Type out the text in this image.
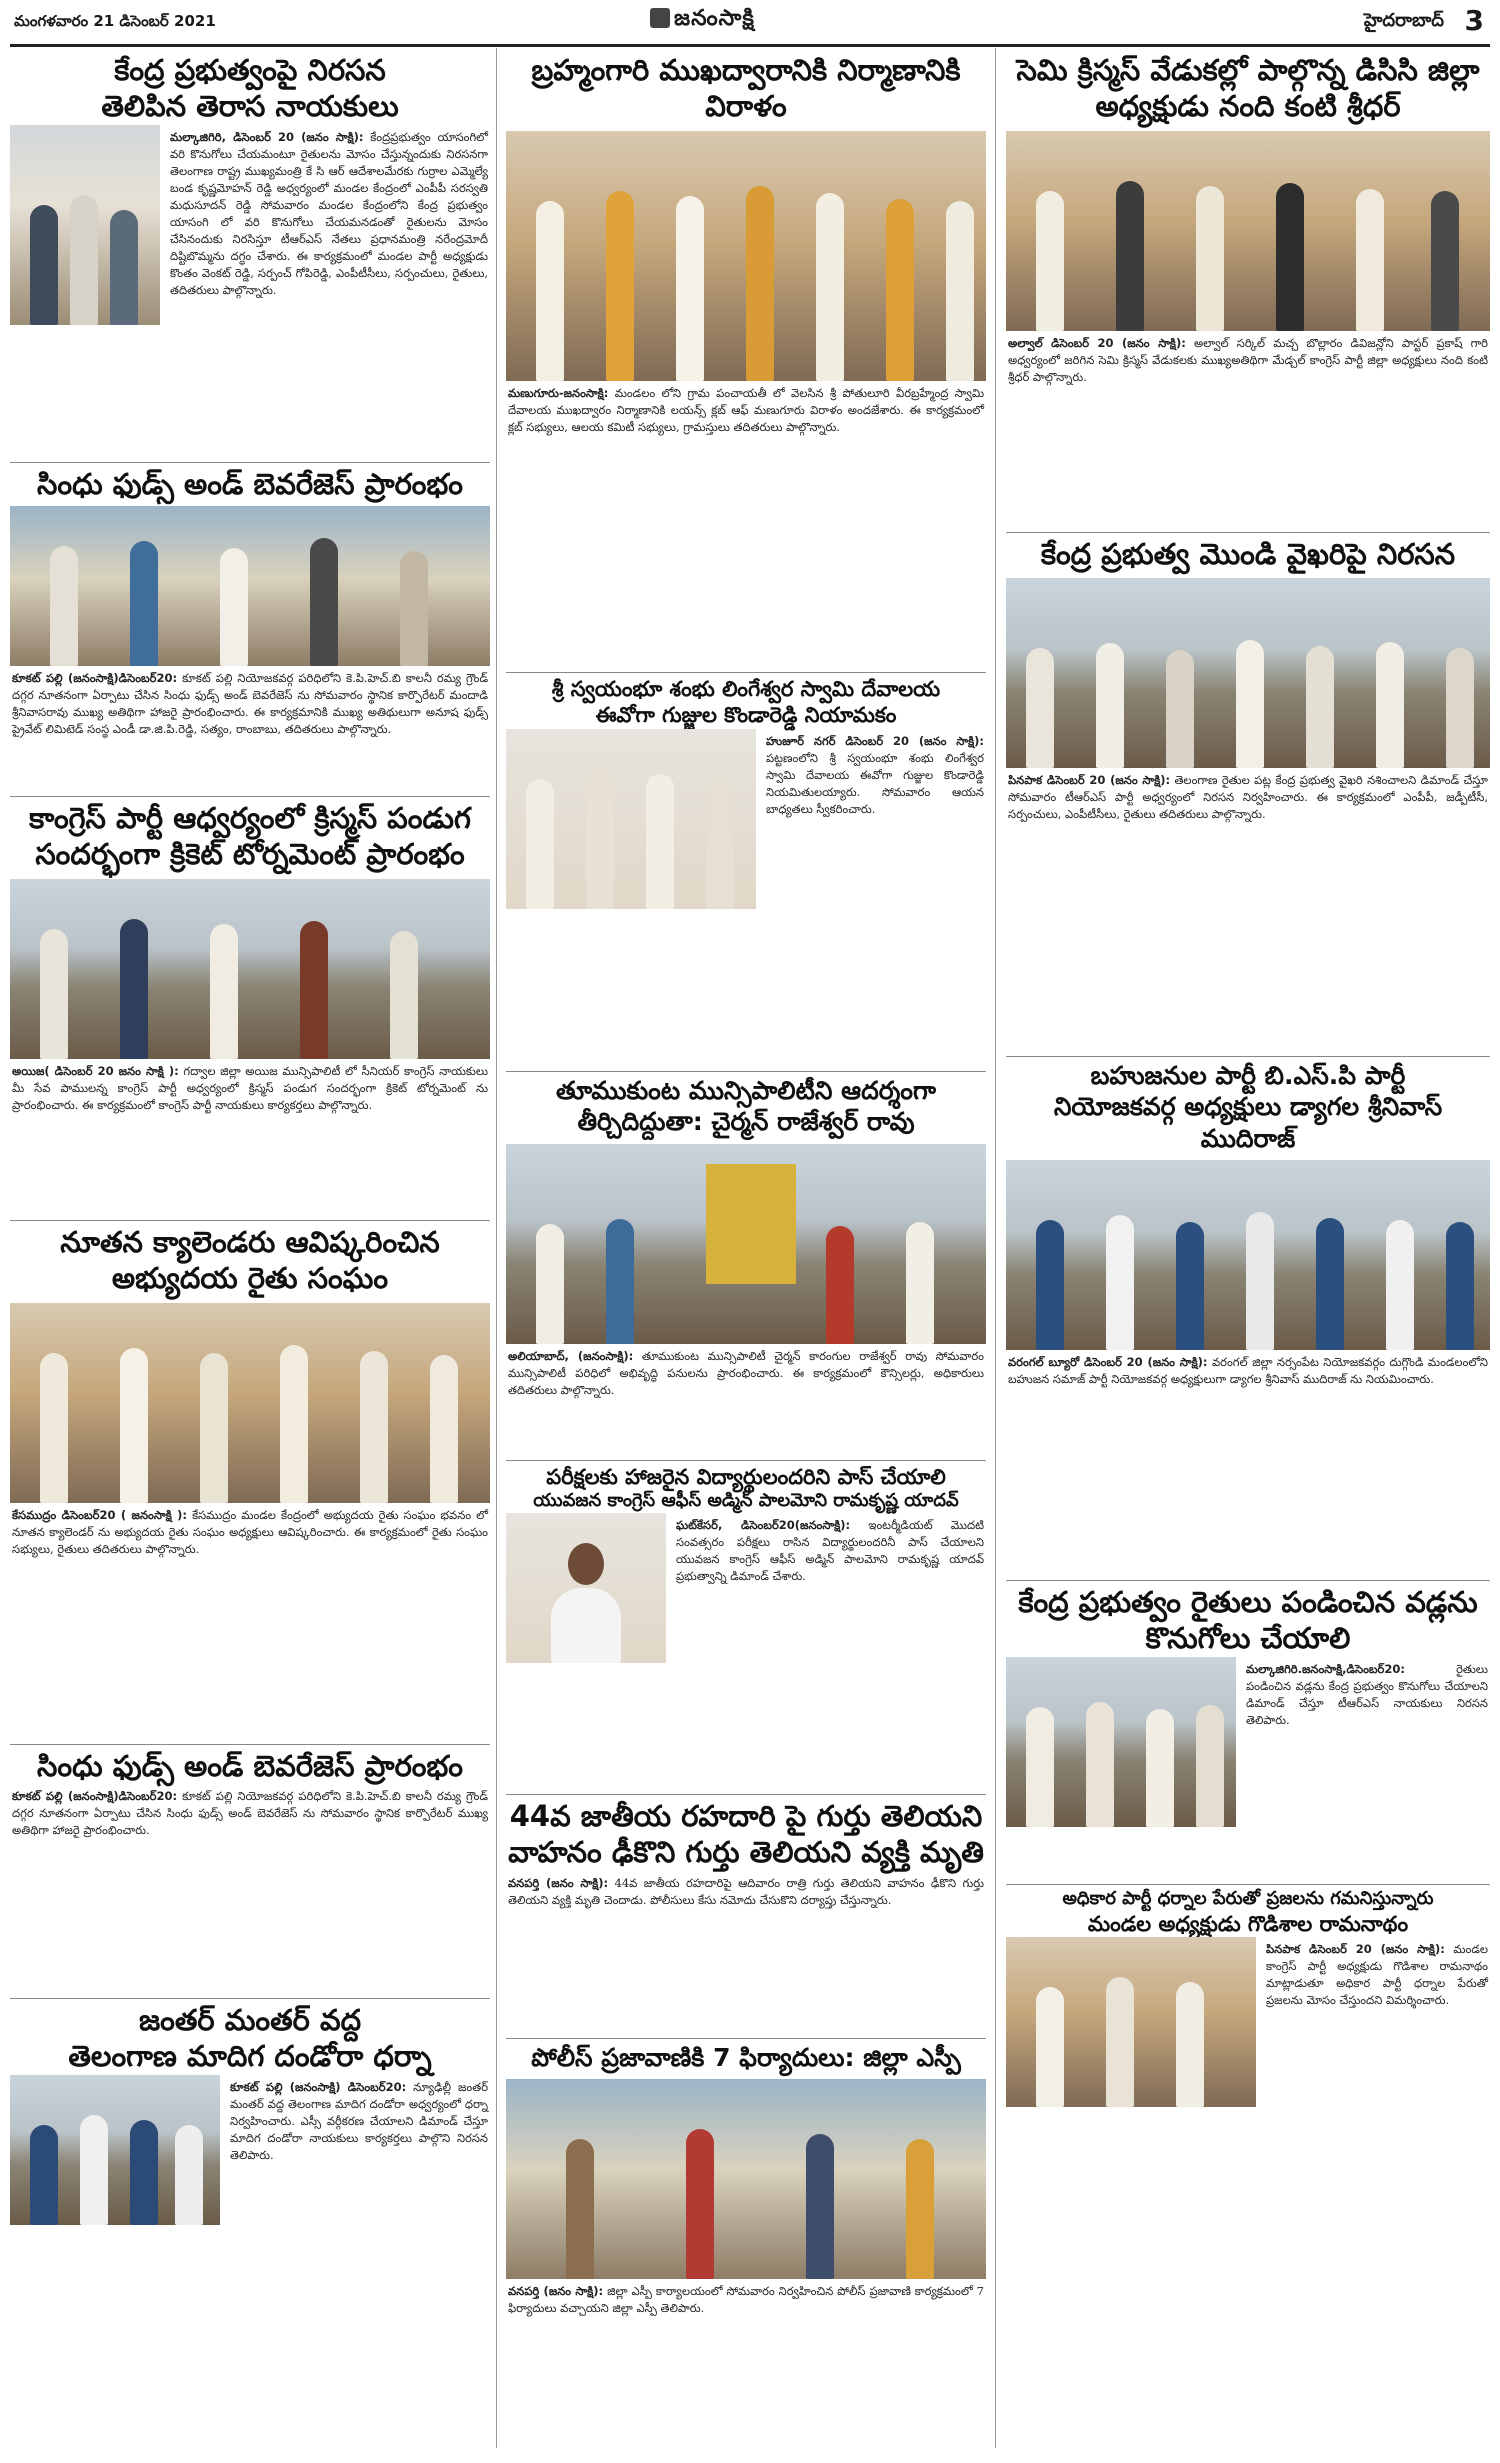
మంగళవారం 21 డిసెంబర్ 2021	జనంసాక్షి	హైదరాబాద్ 3

కేంద్ర ప్రభుత్వంపై నిరసన

తెలిపిన తెరాస నాయకులు

మల్కాజిగిరి, డిసెంబర్ 20 (జనం సాక్షి): కేంద్రప్రభుత్వం యాసంగిలో వరి కొనుగోలు చేయమంటూ రైతులను మోసం చేస్తున్నందుకు నిరసనగా తెలంగాణ రాష్ట్ర ముఖ్యమంత్రి కే సి ఆర్ ఆదేశాలమేరకు గుర్రాల ఎమ్మెల్యే బండ కృష్ణమోహన్ రెడ్డి అధ్వర్యంలో మండల కేంద్రంలో ఎంపీపీ సరస్వతి మధుసూదన్ రెడ్డి సోమవారం మండల కేంద్రంలోని కేంద్ర ప్రభుత్వం యాసంగి లో వరి కొనుగోలు చేయమనడంతో రైతులను మోసం చేసినందుకు నిరసిస్తూ టీఆర్ఎస్ నేతలు ప్రధానమంత్రి నరేంద్రమోదీ దిష్టిబొమ్మను దగ్ధం చేశారు. ఈ కార్యక్రమంలో మండల పార్టీ అధ్యక్షుడు కొంతం వెంకట్ రెడ్డి, సర్పంచ్ గోపిరెడ్డి, ఎంపీటీసీలు, సర్పంచులు, రైతులు, తదితరులు పాల్గొన్నారు.

సింధు ఫుడ్స్ అండ్ బెవరేజెస్ ప్రారంభం

కూకట్ పల్లి (జనంసాక్షి)డిసెంబర్20: కూకట్ పల్లి నియోజకవర్గ పరిధిలోని కె.పి.హెచ్.బి కాలనీ రమ్య గ్రౌండ్ దగ్గర నూతనంగా ఏర్పాటు చేసిన సింధు ఫుడ్స్ అండ్ బెవరేజెస్ ను సోమవారం స్థానిక కార్పొరేటర్ మందాడి శ్రీనివాసరావు ముఖ్య అతిథిగా హాజరై ప్రారంభించారు. ఈ కార్యక్రమానికి ముఖ్య అతిథులుగా అనూష ఫుడ్స్ ప్రైవేట్ లిమిటెడ్ సంస్థ ఎండీ డా.జి.పి.రెడ్డి, సత్యం, రాంబాబు, తదితరులు పాల్గొన్నారు.

కాంగ్రెస్ పార్టీ ఆధ్వర్యంలో క్రిస్మస్ పండుగ

సందర్భంగా క్రికెట్ టోర్నమెంట్ ప్రారంభం

అయిజ( డిసెంబర్ 20 జనం సాక్షి ): గద్వాల జిల్లా అయిజ మున్సిపాలిటీ లో సీనియర్ కాంగ్రెస్ నాయకులు మీ సేవ పాములన్న కాంగ్రెస్ పార్టీ అధ్వర్యంలో క్రిస్మస్ పండుగ సందర్భంగా క్రికెట్ టోర్నమెంట్ ను ప్రారంభించారు. ఈ కార్యక్రమంలో కాంగ్రెస్ పార్టీ నాయకులు కార్యకర్తలు పాల్గొన్నారు.

నూతన క్యాలెండరు ఆవిష్కరించిన

అభ్యుదయ రైతు సంఘం

కేసముద్రం డిసెంబర్20 ( జనంసాక్షి ): కేసముద్రం మండల కేంద్రంలో అభ్యుదయ రైతు సంఘం భవనం లో నూతన క్యాలెండర్ ను అభ్యుదయ రైతు సంఘం అధ్యక్షులు ఆవిష్కరించారు. ఈ కార్యక్రమంలో రైతు సంఘం సభ్యులు, రైతులు తదితరులు పాల్గొన్నారు.

సింధు ఫుడ్స్ అండ్ బెవరేజెస్ ప్రారంభం

కూకట్ పల్లి (జనంసాక్షి)డిసెంబర్20: కూకట్ పల్లి నియోజకవర్గ పరిధిలోని కె.పి.హెచ్.బి కాలనీ రమ్య గ్రౌండ్ దగ్గర నూతనంగా ఏర్పాటు చేసిన సింధు ఫుడ్స్ అండ్ బెవరేజెస్ ను సోమవారం స్థానిక కార్పొరేటర్ ముఖ్య అతిథిగా హాజరై ప్రారంభించారు.

జంతర్ మంతర్ వద్ద

తెలంగాణ మాదిగ దండోరా ధర్నా

కూకట్ పల్లి (జనంసాక్షి) డిసెంబర్20: న్యూఢిల్లీ జంతర్ మంతర్ వద్ద తెలంగాణ మాదిగ దండోరా అధ్వర్యంలో ధర్నా నిర్వహించారు. ఎస్సీ వర్గీకరణ చేయాలని డిమాండ్ చేస్తూ మాదిగ దండోరా నాయకులు కార్యకర్తలు పాల్గొని నిరసన తెలిపారు.

బ్రహ్మంగారి ముఖద్వారానికి నిర్మాణానికి విరాళం

మణుగూరు-జనంసాక్షి: మండలం లోని గ్రామ పంచాయతీ లో వెలసిన శ్రీ పోతులూరి వీరబ్రహ్మేంద్ర స్వామి దేవాలయ ముఖద్వారం నిర్మాణానికి లయన్స్ క్లబ్ ఆఫ్ మణుగూరు విరాళం అందజేశారు. ఈ కార్యక్రమంలో క్లబ్ సభ్యులు, ఆలయ కమిటీ సభ్యులు, గ్రామస్తులు తదితరులు పాల్గొన్నారు.

శ్రీ స్వయంభూ శంభు లింగేశ్వర స్వామి దేవాలయ

ఈవోగా గుజ్జుల కొండారెడ్డి నియామకం

హుజూర్ నగర్ డిసెంబర్ 20 (జనం సాక్షి): పట్టణంలోని శ్రీ స్వయంభూ శంభు లింగేశ్వర స్వామి దేవాలయ ఈవోగా గుజ్జుల కొండారెడ్డి నియమితులయ్యారు. సోమవారం ఆయన బాధ్యతలు స్వీకరించారు.

తూముకుంట మున్సిపాలిటీని ఆదర్శంగా

తీర్చిదిద్దుతా: చైర్మన్ రాజేశ్వర్ రావు

అలియాబాద్, (జనంసాక్షి): తూముకుంట మున్సిపాలిటీ చైర్మన్ కారంగుల రాజేశ్వర్ రావు సోమవారం మున్సిపాలిటీ పరిధిలో అభివృద్ధి పనులను ప్రారంభించారు. ఈ కార్యక్రమంలో కౌన్సిలర్లు, అధికారులు తదితరులు పాల్గొన్నారు.

పరీక్షలకు హాజరైన విద్యార్థులందరిని పాస్ చేయాలి

యువజన కాంగ్రెస్ ఆఫీస్ అడ్మిన్ పాలమోని రామకృష్ణ యాదవ్

ఘట్‌కేసర్, డిసెంబర్20(జనంసాక్షి): ఇంటర్మీడియట్ మొదటి సంవత్సరం పరీక్షలు రాసిన విద్యార్థులందరినీ పాస్ చేయాలని యువజన కాంగ్రెస్ ఆఫీస్ అడ్మిన్ పాలమోని రామకృష్ణ యాదవ్ ప్రభుత్వాన్ని డిమాండ్ చేశారు.

44వ జాతీయ రహదారి పై గుర్తు తెలియని

వాహనం ఢీకొని గుర్తు తెలియని వ్యక్తి మృతి

వనపర్తి (జనం సాక్షి): 44వ జాతీయ రహదారిపై ఆదివారం రాత్రి గుర్తు తెలియని వాహనం ఢీకొని గుర్తు తెలియని వ్యక్తి మృతి చెందాడు. పోలీసులు కేసు నమోదు చేసుకొని దర్యాప్తు చేస్తున్నారు.

పోలీస్ ప్రజావాణికి 7 ఫిర్యాదులు: జిల్లా ఎస్పీ

వనపర్తి (జనం సాక్షి): జిల్లా ఎస్పీ కార్యాలయంలో సోమవారం నిర్వహించిన పోలీస్ ప్రజావాణి కార్యక్రమంలో 7 ఫిర్యాదులు వచ్చాయని జిల్లా ఎస్పీ తెలిపారు.

సెమి క్రిస్మస్ వేడుకల్లో పాల్గొన్న డిసిసి జిల్లా

అధ్యక్షుడు నంది కంటి శ్రీధర్

అల్వాల్ డిసెంబర్ 20 (జనం సాక్షి): అల్వాల్ సర్కిల్ మచ్చ బొల్లారం డివిజన్లోని పాస్టర్ ప్రకాష్ గారి అధ్వర్యంలో జరిగిన సెమి క్రిస్మస్ వేడుకలకు ముఖ్యఅతిథిగా మేడ్చల్ కాంగ్రెస్ పార్టీ జిల్లా అధ్యక్షులు నంది కంటి శ్రీధర్ పాల్గొన్నారు.

కేంద్ర ప్రభుత్వ మొండి వైఖరిపై నిరసన

పినపాక డిసెంబర్ 20 (జనం సాక్షి): తెలంగాణ రైతుల పట్ల కేంద్ర ప్రభుత్వ వైఖరి నశించాలని డిమాండ్ చేస్తూ సోమవారం టీఆర్ఎస్ పార్టీ అధ్వర్యంలో నిరసన నిర్వహించారు. ఈ కార్యక్రమంలో ఎంపీపీ, జడ్పీటీసీ, సర్పంచులు, ఎంపీటీసీలు, రైతులు తదితరులు పాల్గొన్నారు.

బహుజనుల పార్టీ బి.ఎస్.పి పార్టీ

నియోజకవర్గ అధ్యక్షులు డ్యాగల శ్రీనివాస్ ముదిరాజ్

వరంగల్ బ్యూరో డిసెంబర్ 20 (జనం సాక్షి): వరంగల్ జిల్లా నర్సంపేట నియోజకవర్గం దుగ్గొండి మండలంలోని బహుజన సమాజ్ పార్టీ నియోజకవర్గ అధ్యక్షులుగా డ్యాగల శ్రీనివాస్ ముదిరాజ్ ను నియమించారు.

కేంద్ర ప్రభుత్వం రైతులు పండించిన వడ్లను

కొనుగోలు చేయాలి

మల్కాజిగిరి.జనంసాక్షి,డిసెంబర్20:	రైతులు పండించిన వడ్లను కేంద్ర ప్రభుత్వం కొనుగోలు చేయాలని డిమాండ్ చేస్తూ టీఆర్ఎస్ నాయకులు నిరసన తెలిపారు.

అధికార పార్టీ ధర్నాల పేరుతో ప్రజలను గమనిస్తున్నారు

మండల అధ్యక్షుడు గొడిశాల రామనాథం

పినపాక డిసెంబర్ 20 (జనం సాక్షి): మండల కాంగ్రెస్ పార్టీ అధ్యక్షుడు గొడిశాల రామనాథం మాట్లాడుతూ అధికార పార్టీ ధర్నాల పేరుతో ప్రజలను మోసం చేస్తుందని విమర్శించారు.
